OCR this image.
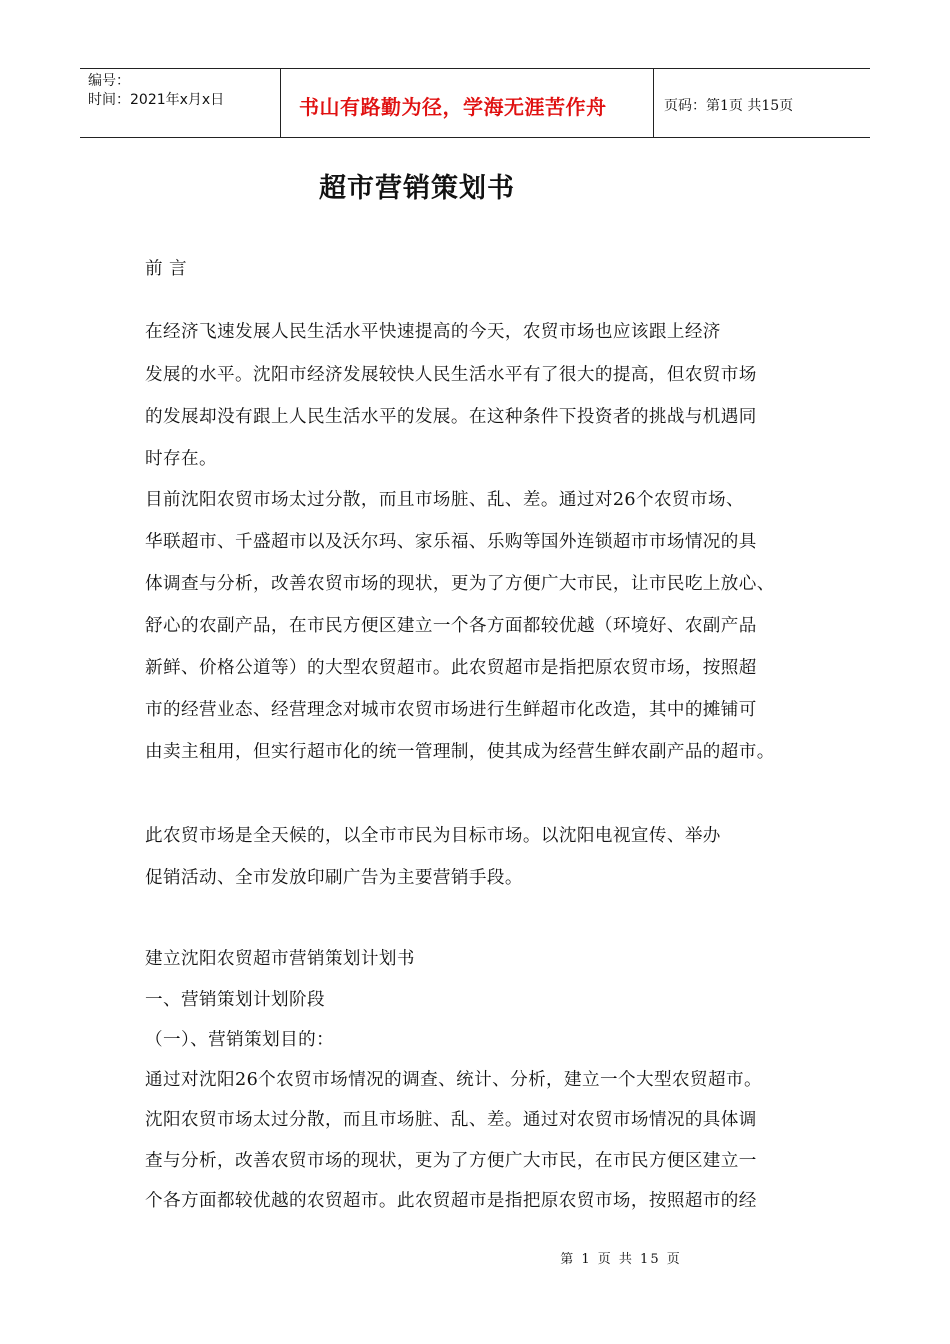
编号：
时间：2021年x月x日	书山有路勤为径，学海无涯苦作舟	页码：第1页 共15页
超市营销策划书
前 言
在经济飞速发展人民生活水平快速提高的今天，农贸市场也应该跟上经济
发展的水平。沈阳市经济发展较快人民生活水平有了很大的提高，但农贸市场
的发展却没有跟上人民生活水平的发展。在这种条件下投资者的挑战与机遇同
时存在。
目前沈阳农贸市场太过分散，而且市场脏、乱、差。通过对26个农贸市场、
华联超市、千盛超市以及沃尔玛、家乐福、乐购等国外连锁超市市场情况的具
体调查与分析，改善农贸市场的现状，更为了方便广大市民，让市民吃上放心、
舒心的农副产品，在市民方便区建立一个各方面都较优越（环境好、农副产品
新鲜、价格公道等）的大型农贸超市。此农贸超市是指把原农贸市场，按照超
市的经营业态、经营理念对城市农贸市场进行生鲜超市化改造，其中的摊铺可
由卖主租用，但实行超市化的统一管理制，使其成为经营生鲜农副产品的超市。
此农贸市场是全天候的，以全市市民为目标市场。以沈阳电视宣传、举办
促销活动、全市发放印刷广告为主要营销手段。
建立沈阳农贸超市营销策划计划书
一、营销策划计划阶段
（一）、营销策划目的：
通过对沈阳26个农贸市场情况的调查、统计、分析，建立一个大型农贸超市。
沈阳农贸市场太过分散，而且市场脏、乱、差。通过对农贸市场情况的具体调
查与分析，改善农贸市场的现状，更为了方便广大市民，在市民方便区建立一
个各方面都较优越的农贸超市。此农贸超市是指把原农贸市场，按照超市的经
第 1 页 共 15 页
